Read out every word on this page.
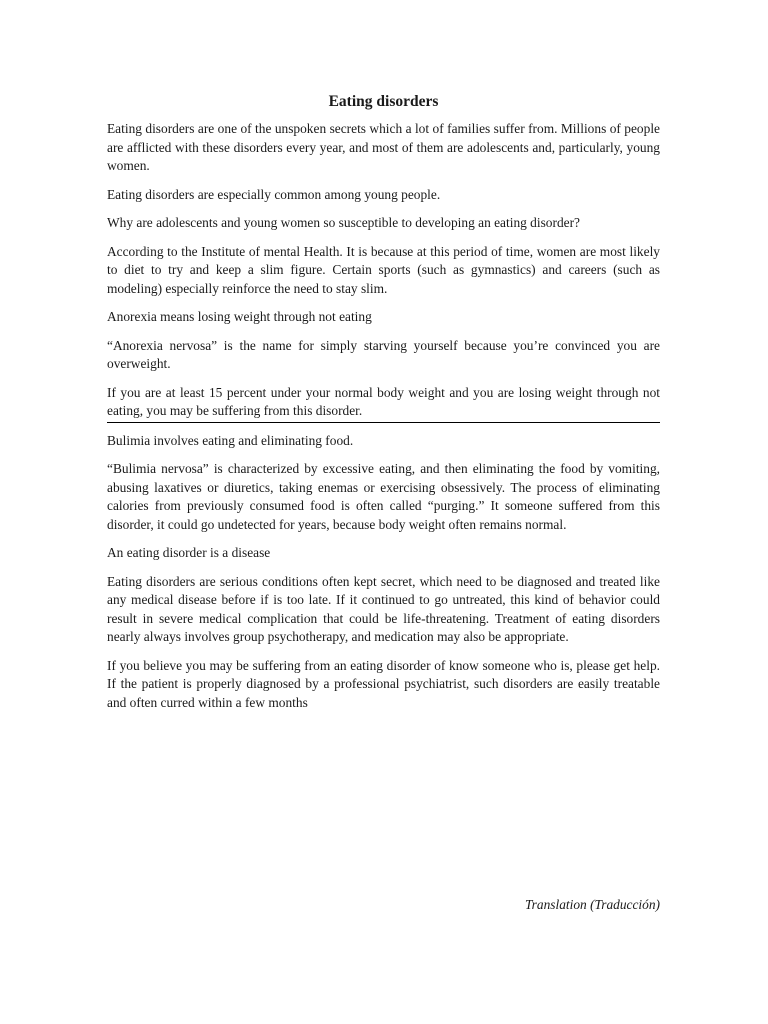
Eating disorders

Eating disorders are one of the unspoken secrets which a lot of families suffer from. Millions of people are afflicted with these disorders every year, and most of them are adolescents and, particularly, young women.

Eating disorders are especially common among young people.

Why are adolescents and young women so susceptible to developing an eating disorder?

According to the Institute of mental Health. It is because at this period of time, women are most likely to diet to try and keep a slim figure. Certain sports (such as gymnastics) and careers (such as modeling) especially reinforce the need to stay slim.

Anorexia means losing weight through not eating

“Anorexia nervosa” is the name for simply starving yourself because you’re convinced you are overweight.

If you are at least 15 percent under your normal body weight and you are losing weight through not eating, you may be suffering from this disorder.

Bulimia involves eating and eliminating food.

“Bulimia nervosa” is characterized by excessive eating, and then eliminating the food by vomiting, abusing laxatives or diuretics, taking enemas or exercising obsessively. The process of eliminating calories from previously consumed food is often called “purging.” It someone suffered from this disorder, it could go undetected for years, because body weight often remains normal.

An eating disorder is a disease

Eating disorders are serious conditions often kept secret, which need to be diagnosed and treated like any medical disease before if is too late. If it continued to go untreated, this kind of behavior could result in severe medical complication that could be life-threatening. Treatment of eating disorders nearly always involves group psychotherapy, and medication may also be appropriate.

If you believe you may be suffering from an eating disorder of know someone who is, please get help. If the patient is properly diagnosed by a professional psychiatrist, such disorders are easily treatable and often curred within a few months

Translation (Traducción)
